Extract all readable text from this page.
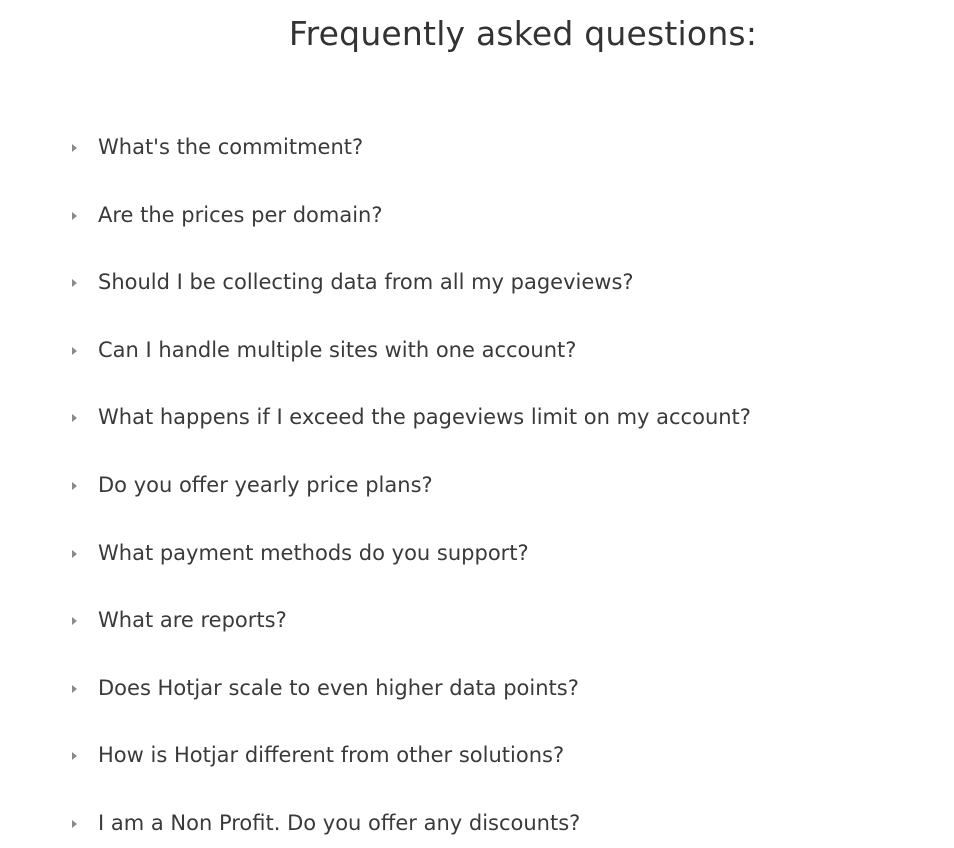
Frequently asked questions:
What's the commitment?
Are the prices per domain?
Should I be collecting data from all my pageviews?
Can I handle multiple sites with one account?
What happens if I exceed the pageviews limit on my account?
Do you offer yearly price plans?
What payment methods do you support?
What are reports?
Does Hotjar scale to even higher data points?
How is Hotjar different from other solutions?
I am a Non Profit. Do you offer any discounts?
